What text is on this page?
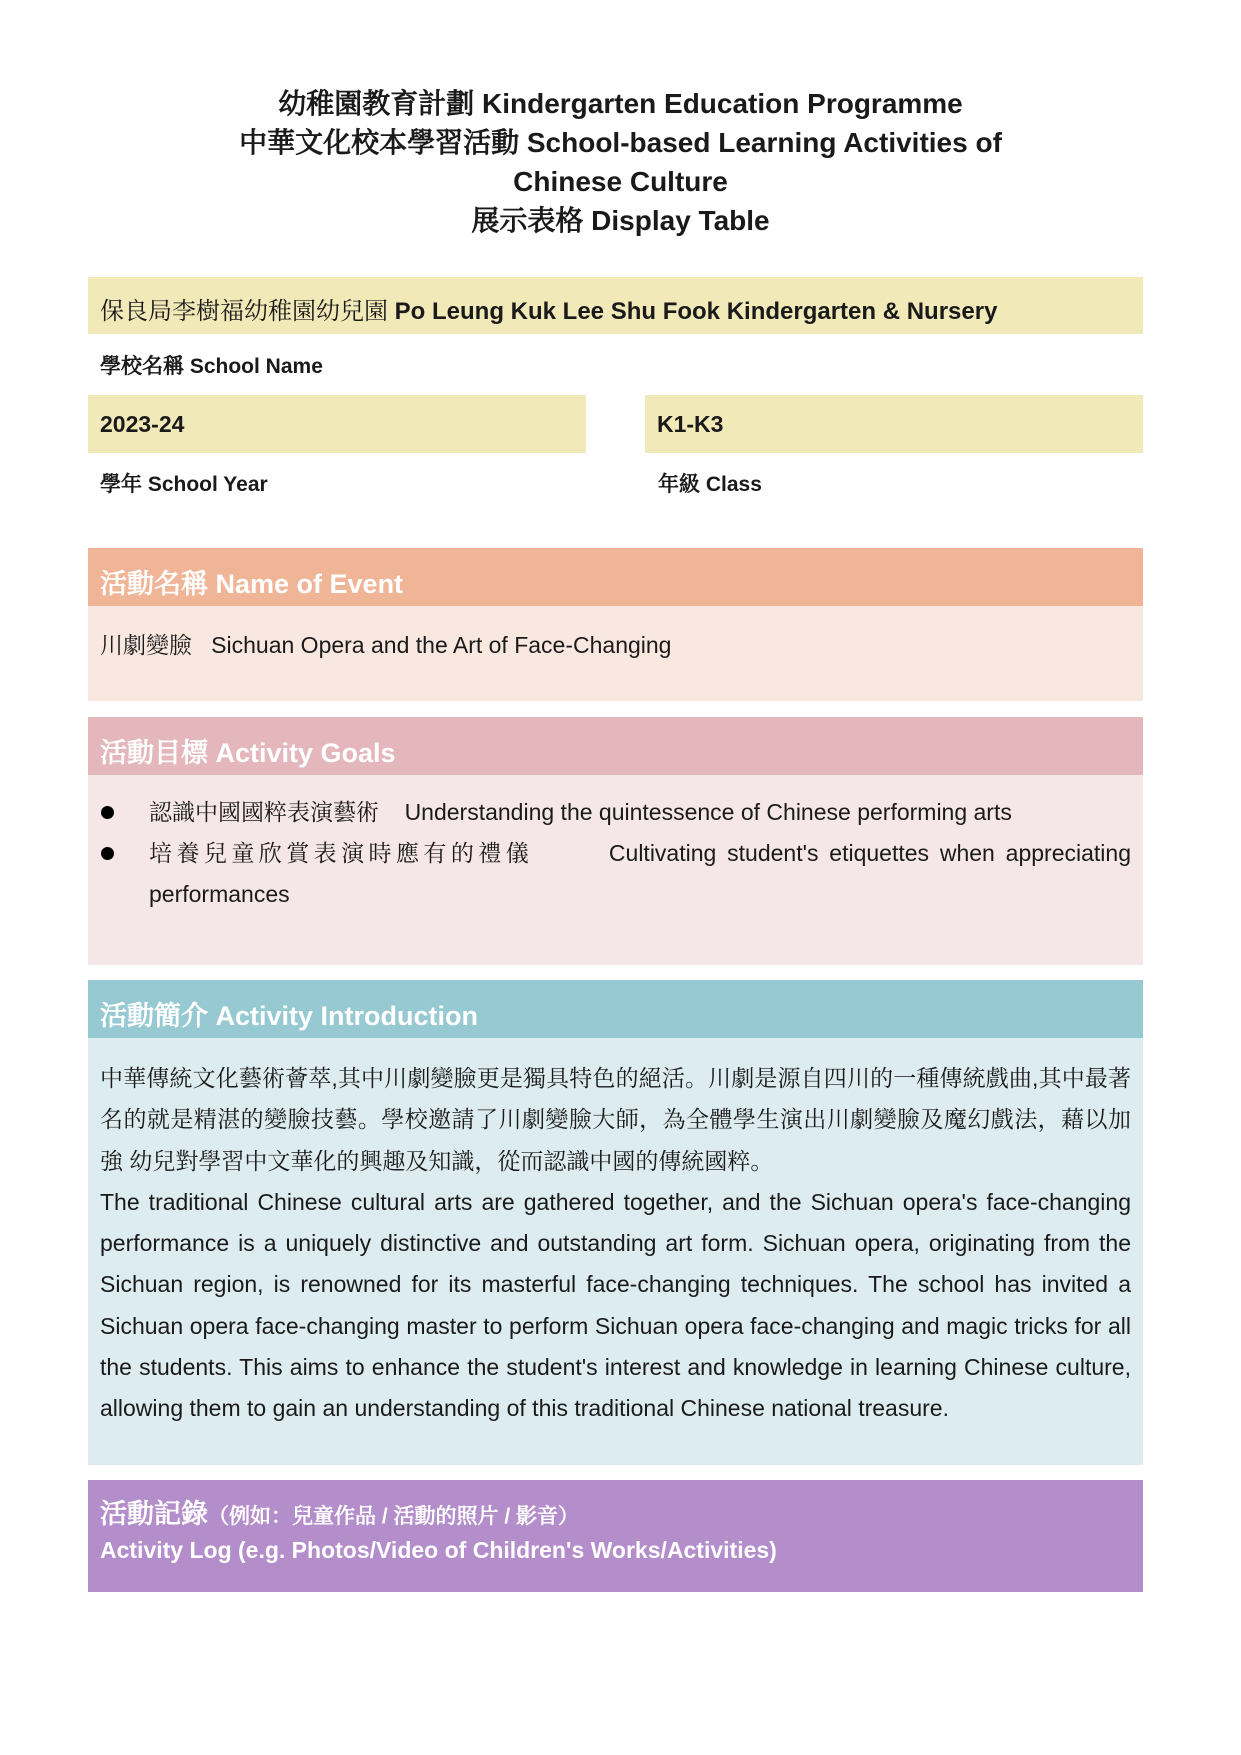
幼稚園教育計劃 Kindergarten Education Programme
中華文化校本學習活動 School-based Learning Activities of
Chinese Culture
展示表格 Display Table
保良局李樹福幼稚園幼兒園 Po Leung Kuk Lee Shu Fook Kindergarten & Nursery
學校名稱 School Name
2023-24
學年 School Year
K1-K3
年級 Class
活動名稱 Name of Event
川劇變臉 Sichuan Opera and the Art of Face-Changing
活動目標 Activity Goals
認識中國國粹表演藝術 Understanding the quintessence of Chinese performing arts
培養兒童欣賞表演時應有的禮儀	Cultivating student's etiquettes when appreciating performances
活動簡介 Activity Introduction

中華傳統文化藝術薈萃,其中川劇變臉更是獨具特色的絕活。川劇是源自四川的一種傳統戲曲,其中最著名的就是精湛的變臉技藝。學校邀請了川劇變臉大師，為全體學生演出川劇變臉及魔幻戲法，藉以加強 幼兒對學習中文華化的興趣及知識，從而認識中國的傳統國粹。

The traditional Chinese cultural arts are gathered together, and the Sichuan opera's face-changing performance is a uniquely distinctive and outstanding art form. Sichuan opera, originating from the Sichuan region, is renowned for its masterful face-changing techniques. The school has invited a Sichuan opera face-changing master to perform Sichuan opera face-changing and magic tricks for all the students. This aims to enhance the student's interest and knowledge in learning Chinese culture, allowing them to gain an understanding of this traditional Chinese national treasure.

活動記錄（例如：兒童作品 / 活動的照片 / 影音）
Activity Log (e.g. Photos/Video of Children's Works/Activities)
